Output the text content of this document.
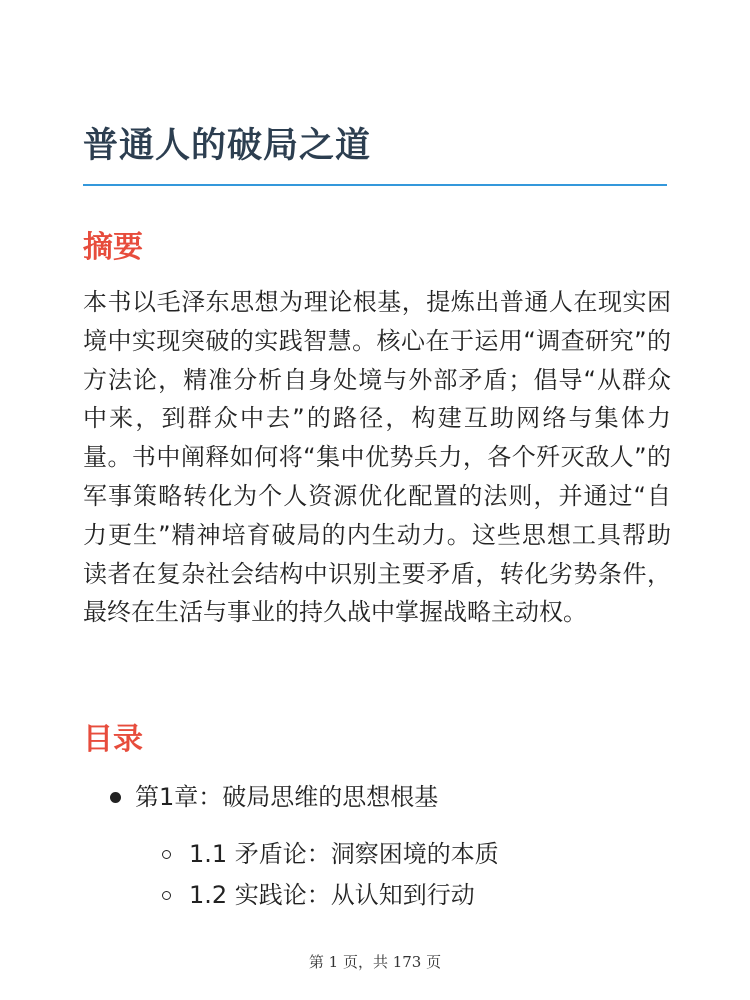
普通人的破局之道
摘要

本书以毛泽东思想为理论根基，提炼出普通人在现实困境中实现突破的实践智慧。核心在于运用“调查研究”的方法论，精准分析自身处境与外部矛盾；倡导“从群众中来，到群众中去”的路径，构建互助网络与集体力量。书中阐释如何将“集中优势兵力，各个歼灭敌人”的军事策略转化为个人资源优化配置的法则，并通过“自力更生”精神培育破局的内生动力。这些思想工具帮助读者在复杂社会结构中识别主要矛盾，转化劣势条件，最终在生活与事业的持久战中掌握战略主动权。

目录
第1章：破局思维的思想根基
1.1 矛盾论：洞察困境的本质
1.2 实践论：从认知到行动
第 1 页，共 173 页
